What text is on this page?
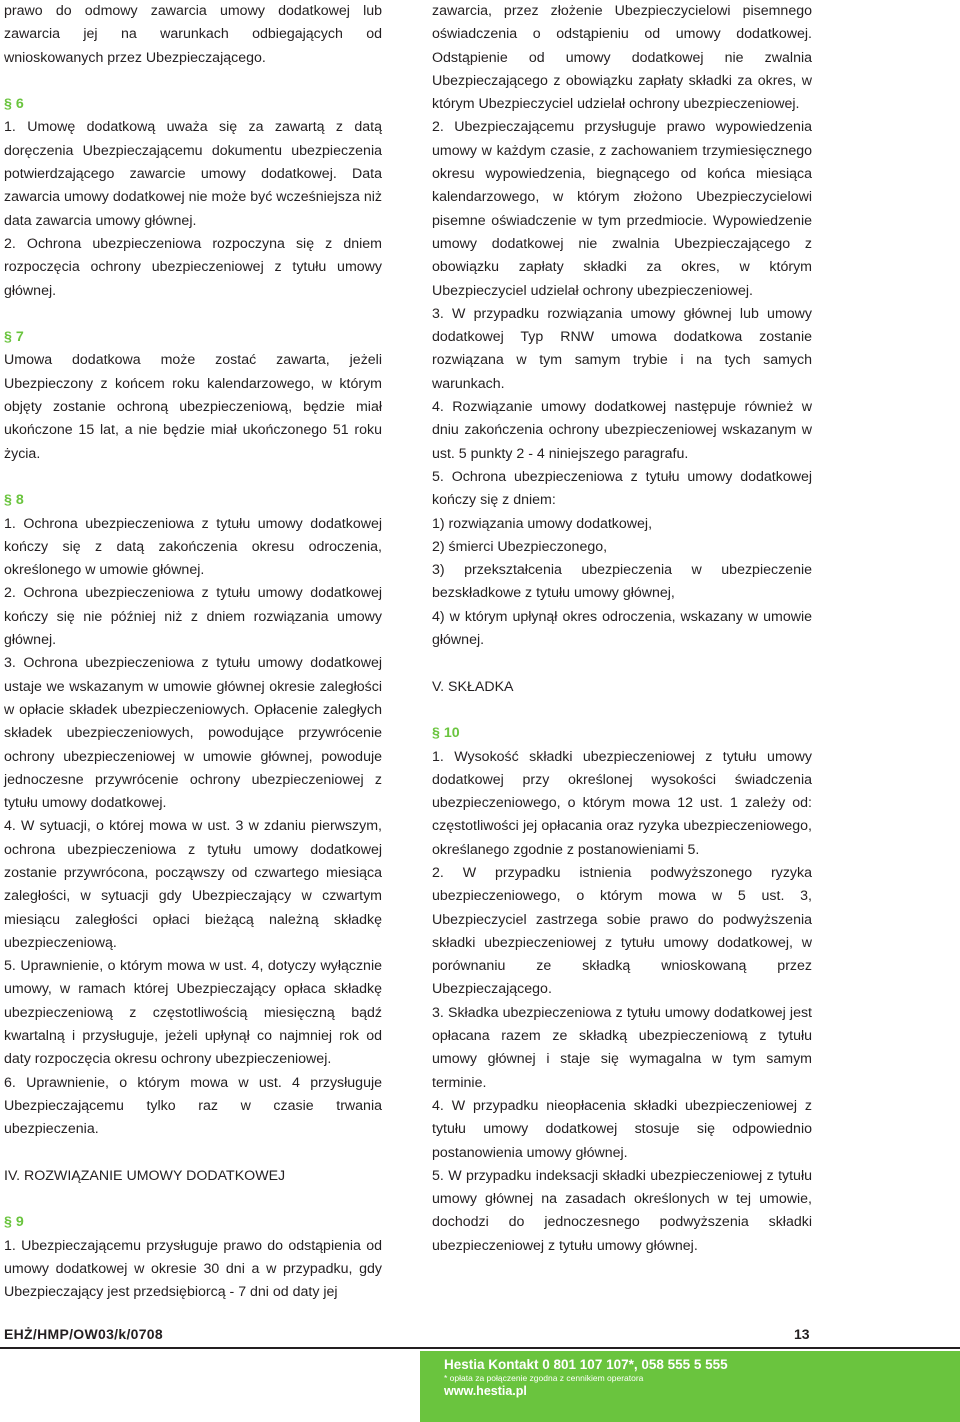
prawo do odmowy zawarcia umowy dodatkowej lub zawarcia jej na warunkach odbiegających od wnioskowanych przez Ubezpieczającego.

§ 6

1. Umowę dodatkową uważa się za zawartą z datą doręczenia Ubezpieczającemu dokumentu ubezpieczenia potwierdzającego zawarcie umowy dodatkowej. Data zawarcia umowy dodatkowej nie może być wcześniejsza niż data zawarcia umowy głównej.

2. Ochrona ubezpieczeniowa rozpoczyna się z dniem rozpoczęcia ochrony ubezpieczeniowej z tytułu umowy głównej.

§ 7

Umowa dodatkowa może zostać zawarta, jeżeli Ubezpieczony z końcem roku kalendarzowego, w którym objęty zostanie ochroną ubezpieczeniową, będzie miał ukończone 15 lat, a nie będzie miał ukończonego 51 roku życia.

§ 8

1. Ochrona ubezpieczeniowa z tytułu umowy dodatkowej kończy się z datą zakończenia okresu odroczenia, określonego w umowie głównej.

2. Ochrona ubezpieczeniowa z tytułu umowy dodatkowej kończy się nie później niż z dniem rozwiązania umowy głównej.

3. Ochrona ubezpieczeniowa z tytułu umowy dodatkowej ustaje we wskazanym w umowie głównej okresie zaległości w opłacie składek ubezpieczeniowych. Opłacenie zaległych składek ubezpieczeniowych, powodujące przywrócenie ochrony ubezpieczeniowej w umowie głównej, powoduje jednoczesne przywrócenie ochrony ubezpieczeniowej z tytułu umowy dodatkowej.

4. W sytuacji, o której mowa w ust. 3 w zdaniu pierwszym, ochrona ubezpieczeniowa z tytułu umowy dodatkowej zostanie przywrócona, począwszy od czwartego miesiąca zaległości, w sytuacji gdy Ubezpieczający w czwartym miesiącu zaległości opłaci bieżącą należną składkę ubezpieczeniową.

5. Uprawnienie, o którym mowa w ust. 4, dotyczy wyłącznie umowy, w ramach której Ubezpieczający opłaca składkę ubezpieczeniową z częstotliwością miesięczną bądź kwartalną i przysługuje, jeżeli upłynął co najmniej rok od daty rozpoczęcia okresu ochrony ubezpieczeniowej.

6. Uprawnienie, o którym mowa w ust. 4 przysługuje Ubezpieczającemu tylko raz w czasie trwania ubezpieczenia.

IV. ROZWIĄZANIE UMOWY DODATKOWEJ

§ 9

1. Ubezpieczającemu przysługuje prawo do odstąpienia od umowy dodatkowej w okresie 30 dni a w przypadku, gdy Ubezpieczający jest przedsiębiorcą - 7 dni od daty jej

zawarcia, przez złożenie Ubezpieczycielowi pisemnego oświadczenia o odstąpieniu od umowy dodatkowej. Odstąpienie od umowy dodatkowej nie zwalnia Ubezpieczającego z obowiązku zapłaty składki za okres, w którym Ubezpieczyciel udzielał ochrony ubezpieczeniowej.

2. Ubezpieczającemu przysługuje prawo wypowiedzenia umowy w każdym czasie, z zachowaniem trzymiesięcznego okresu wypowiedzenia, biegnącego od końca miesiąca kalendarzowego, w którym złożono Ubezpieczycielowi pisemne oświadczenie w tym przedmiocie. Wypowiedzenie umowy dodatkowej nie zwalnia Ubezpieczającego z obowiązku zapłaty składki za okres, w którym Ubezpieczyciel udzielał ochrony ubezpieczeniowej.

3. W przypadku rozwiązania umowy głównej lub umowy dodatkowej Typ RNW umowa dodatkowa zostanie rozwiązana w tym samym trybie i na tych samych warunkach.

4. Rozwiązanie umowy dodatkowej następuje również w dniu zakończenia ochrony ubezpieczeniowej wskazanym w ust. 5 punkty 2 - 4 niniejszego paragrafu.

5. Ochrona ubezpieczeniowa z tytułu umowy dodatkowej kończy się z dniem:

1) rozwiązania umowy dodatkowej,

2) śmierci Ubezpieczonego,

3) przekształcenia ubezpieczenia w ubezpieczenie bezskładkowe z tytułu umowy głównej,

4) w którym upłynął okres odroczenia, wskazany w umowie głównej.

V. SKŁADKA

§ 10

1. Wysokość składki ubezpieczeniowej z tytułu umowy dodatkowej przy określonej wysokości świadczenia ubezpieczeniowego, o którym mowa 12 ust. 1 zależy od: częstotliwości jej opłacania oraz ryzyka ubezpieczeniowego, określanego zgodnie z postanowieniami 5.

2. W przypadku istnienia podwyższonego ryzyka ubezpieczeniowego, o którym mowa w 5 ust. 3, Ubezpieczyciel zastrzega sobie prawo do podwyższenia składki ubezpieczeniowej z tytułu umowy dodatkowej, w porównaniu ze składką wnioskowaną przez Ubezpieczającego.

3. Składka ubezpieczeniowa z tytułu umowy dodatkowej jest opłacana razem ze składką ubezpieczeniową z tytułu umowy głównej i staje się wymagalna w tym samym terminie.

4. W przypadku nieopłacenia składki ubezpieczeniowej z tytułu umowy dodatkowej stosuje się odpowiednio postanowienia umowy głównej.

5. W przypadku indeksacji składki ubezpieczeniowej z tytułu umowy głównej na zasadach określonych w tej umowie, dochodzi do jednoczesnego podwyższenia składki ubezpieczeniowej z tytułu umowy głównej.

EHŻ/HMP/OW03/k/0708	13
Hestia Kontakt 0 801 107 107*, 058 555 5 555
* opłata za połączenie zgodna z cennikiem operatora
www.hestia.pl
